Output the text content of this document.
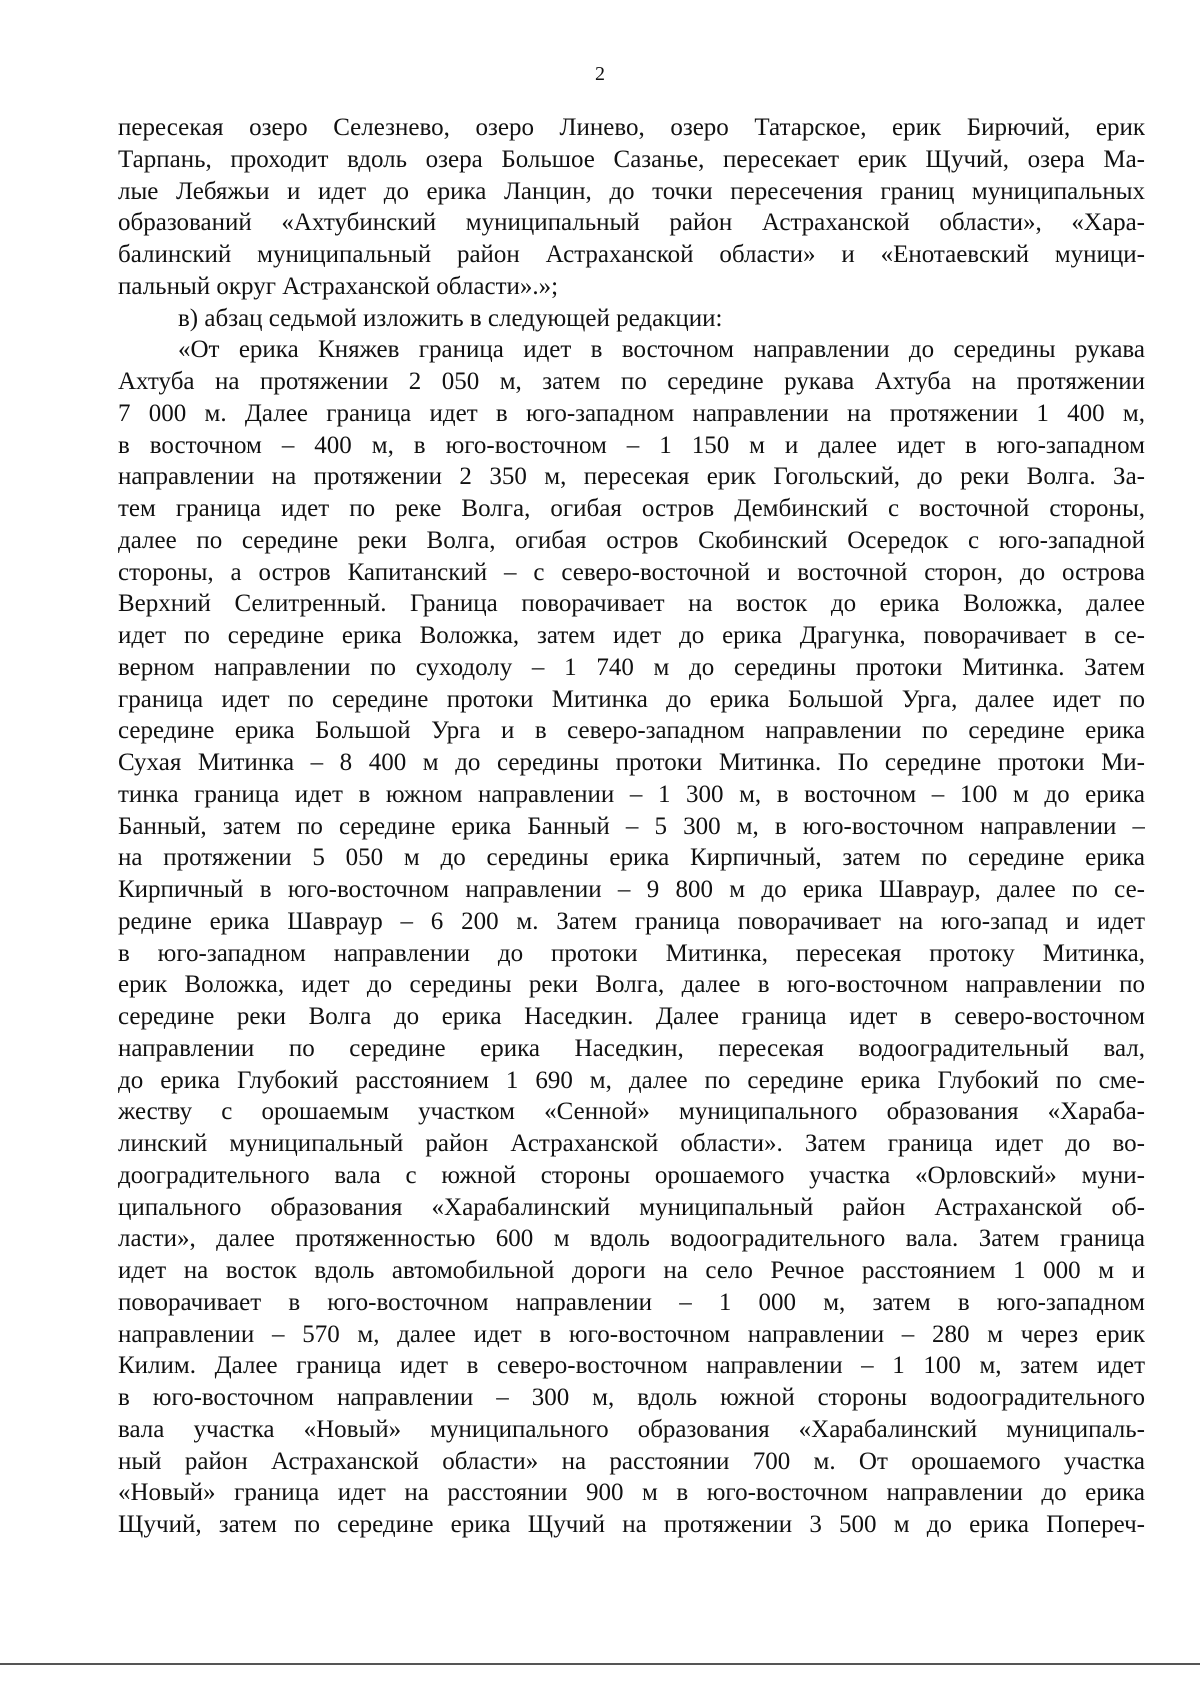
2
пересекая озеро Селезнево, озеро Линево, озеро Татарское, ерик Бирючий, ерик
Тарпань, проходит вдоль озера Большое Сазанье, пересекает ерик Щучий, озера Ма-
лые Лебяжьи и идет до ерика Ланцин, до точки пересечения границ муниципальных
образований «Ахтубинский муниципальный район Астраханской области», «Хара-
балинский муниципальный район Астраханской области» и «Енотаевский муници-
пальный округ Астраханской области».»;
в) абзац седьмой изложить в следующей редакции:
«От ерика Княжев граница идет в восточном направлении до середины рукава
Ахтуба на протяжении 2 050 м, затем по середине рукава Ахтуба на протяжении
7 000 м. Далее граница идет в юго-западном направлении на протяжении 1 400 м,
в восточном – 400 м, в юго-восточном – 1 150 м и далее идет в юго-западном
направлении на протяжении 2 350 м, пересекая ерик Гогольский, до реки Волга. За-
тем граница идет по реке Волга, огибая остров Дембинский с восточной стороны,
далее по середине реки Волга, огибая остров Скобинский Осередок с юго-западной
стороны, а остров Капитанский – с северо-восточной и восточной сторон, до острова
Верхний Селитренный. Граница поворачивает на восток до ерика Воложка, далее
идет по середине ерика Воложка, затем идет до ерика Драгунка, поворачивает в се-
верном направлении по суходолу – 1 740 м до середины протоки Митинка. Затем
граница идет по середине протоки Митинка до ерика Большой Урга, далее идет по
середине ерика Большой Урга и в северо-западном направлении по середине ерика
Сухая Митинка – 8 400 м до середины протоки Митинка. По середине протоки Ми-
тинка граница идет в южном направлении – 1 300 м, в восточном – 100 м до ерика
Банный, затем по середине ерика Банный – 5 300 м, в юго-восточном направлении –
на протяжении 5 050 м до середины ерика Кирпичный, затем по середине ерика
Кирпичный в юго-восточном направлении – 9 800 м до ерика Шавраур, далее по се-
редине ерика Шавраур – 6 200 м. Затем граница поворачивает на юго-запад и идет
в юго-западном направлении до протоки Митинка, пересекая протоку Митинка,
ерик Воложка, идет до середины реки Волга, далее в юго-восточном направлении по
середине реки Волга до ерика Наседкин. Далее граница идет в северо-восточном
направлении по середине ерика Наседкин, пересекая водооградительный вал,
до ерика Глубокий расстоянием 1 690 м, далее по середине ерика Глубокий по сме-
жеству с орошаемым участком «Сенной» муниципального образования «Хараба-
линский муниципальный район Астраханской области». Затем граница идет до во-
дооградительного вала с южной стороны орошаемого участка «Орловский» муни-
ципального образования «Харабалинский муниципальный район Астраханской об-
ласти», далее протяженностью 600 м вдоль водооградительного вала. Затем граница
идет на восток вдоль автомобильной дороги на село Речное расстоянием 1 000 м и
поворачивает в юго-восточном направлении – 1 000 м, затем в юго-западном
направлении – 570 м, далее идет в юго-восточном направлении – 280 м через ерик
Килим. Далее граница идет в северо-восточном направлении – 1 100 м, затем идет
в юго-восточном направлении – 300 м, вдоль южной стороны водооградительного
вала участка «Новый» муниципального образования «Харабалинский муниципаль-
ный район Астраханской области» на расстоянии 700 м. От орошаемого участка
«Новый» граница идет на расстоянии 900 м в юго-восточном направлении до ерика
Щучий, затем по середине ерика Щучий на протяжении 3 500 м до ерика Попереч-
